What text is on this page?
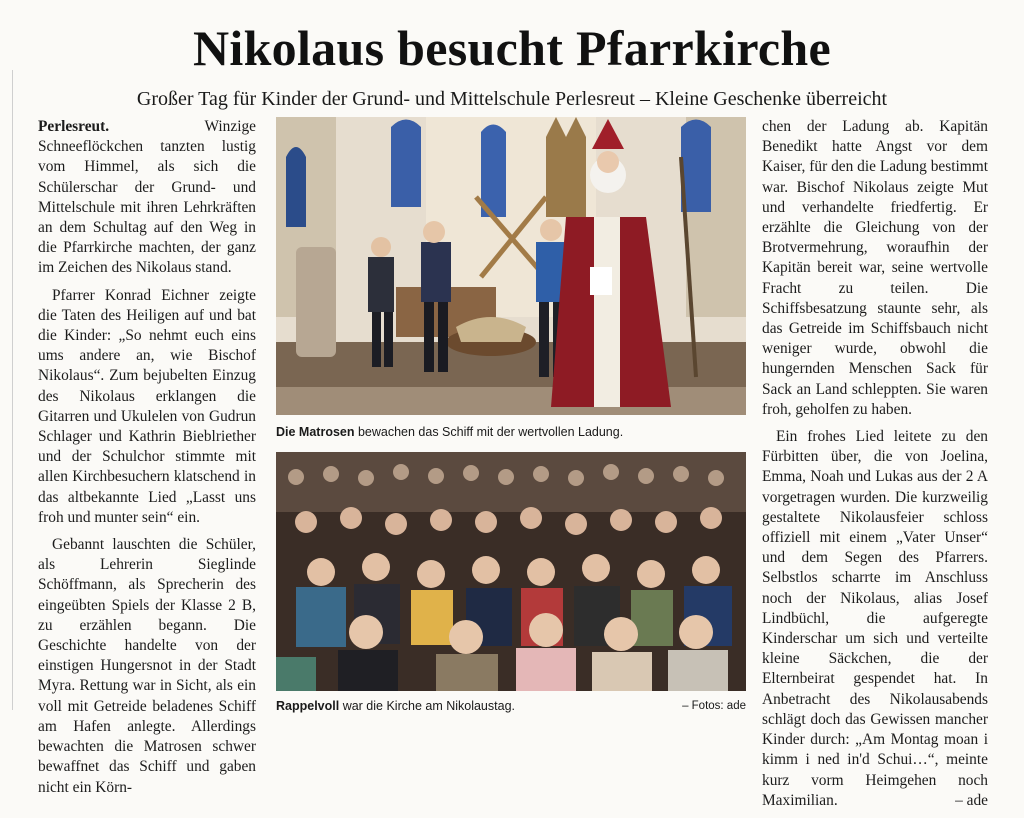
Nikolaus besucht Pfarrkirche
Großer Tag für Kinder der Grund- und Mittelschule Perlesreut – Kleine Geschenke überreicht

Perlesreut.	Winzige Schneeflöckchen tanzten lustig vom Himmel, als sich die Schülerschar der Grund- und Mittelschule mit ihren Lehrkräften an dem Schultag auf den Weg in die Pfarrkirche machten, der ganz im Zeichen des Nikolaus stand.

Pfarrer Konrad Eichner zeigte die Taten des Heiligen auf und bat die Kinder: „So nehmt euch eins ums andere an, wie Bischof Nikolaus“. Zum bejubelten Einzug des Nikolaus erklangen die Gitarren und Ukulelen von Gudrun Schlager und Kathrin Bieblriether und der Schulchor stimmte mit allen Kirchbesuchern klatschend in das altbekannte Lied „Lasst uns froh und munter sein“ ein.

Gebannt lauschten die Schüler, als Lehrerin Sieglinde Schöffmann, als Sprecherin des eingeübten Spiels der Klasse 2 B, zu erzählen begann. Die Geschichte handelte von der einstigen Hungersnot in der Stadt Myra. Rettung war in Sicht, als ein voll mit Getreide beladenes Schiff am Hafen anlegte. Allerdings bewachten die Matrosen schwer bewaffnet das Schiff und gaben nicht ein Körn-

Die Matrosen bewachen das Schiff mit der wertvollen Ladung.
Rappelvoll war die Kirche am Nikolaustag.	– Fotos: ade

chen der Ladung ab. Kapitän Benedikt hatte Angst vor dem Kaiser, für den die Ladung bestimmt war. Bischof Nikolaus zeigte Mut und verhandelte friedfertig. Er erzählte die Gleichung von der Brotvermehrung, woraufhin der Kapitän bereit war, seine wertvolle Fracht zu teilen. Die Schiffsbesatzung staunte sehr, als das Getreide im Schiffsbauch nicht weniger wurde, obwohl die hungernden Menschen Sack für Sack an Land schleppten. Sie waren froh, geholfen zu haben.

Ein frohes Lied leitete zu den Fürbitten über, die von Joelina, Emma, Noah und Lukas aus der 2 A vorgetragen wurden. Die kurzweilig gestaltete Nikolausfeier schloss offiziell mit einem „Vater Unser“ und dem Segen des Pfarrers. Selbstlos scharrte im Anschluss noch der Nikolaus, alias Josef Lindbüchl, die aufgeregte Kinderschar um sich und verteilte kleine Säckchen, die der Elternbeirat gespendet hat. In Anbetracht des Nikolausabends schlägt doch das Gewissen mancher Kinder durch: „Am Montag moan i kimm i ned in'd Schui…“, meinte kurz vorm Heimgehen noch Maximilian.	– ade
